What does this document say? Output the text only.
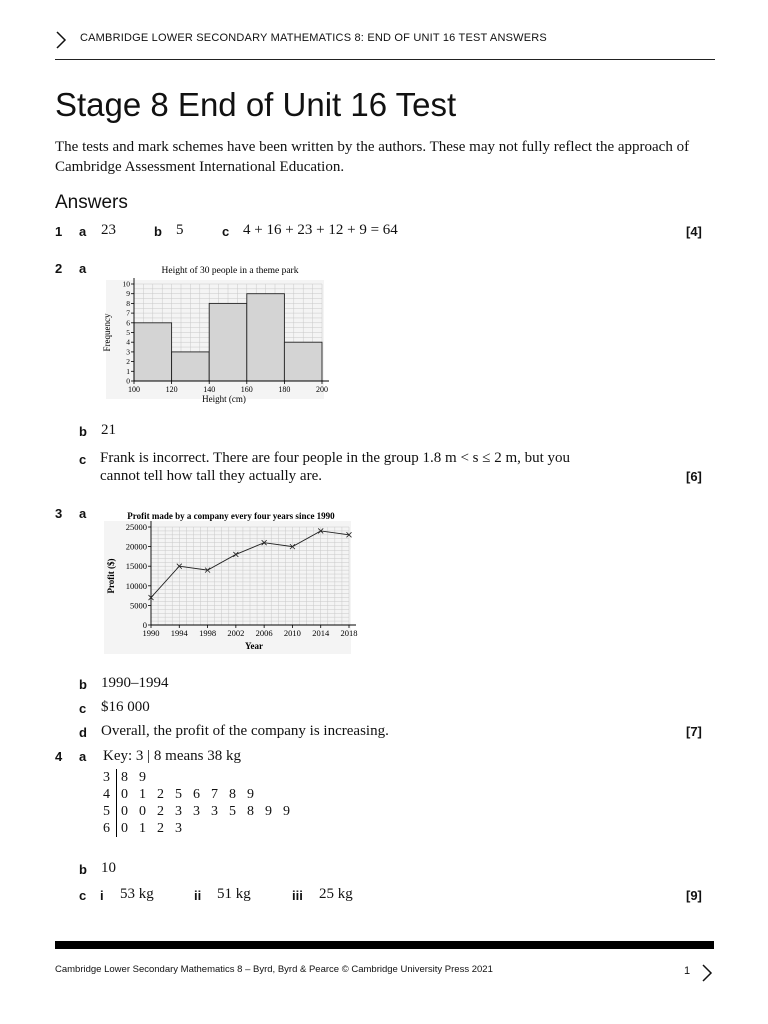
CAMBRIDGE LOWER SECONDARY MATHEMATICS 8: END OF UNIT 16 TEST ANSWERS
Stage 8 End of Unit 16 Test
The tests and mark schemes have been written by the authors. These may not fully reflect the approach of Cambridge Assessment International Education.
Answers
1 a 23	b 5	c 4 + 16 + 23 + 12 + 9 = 64	[4]
2 a
100	120	140	160	180	200
0
1
2
3
4
5
6
7
8
9
10
Height of 30 people in a theme park
Height (cm)
Frequency
b 21
c Frank is incorrect. There are four people in the group 1.8 m < s ≤ 2 m, but you
cannot tell how tall they actually are.	[6]
3 a
1990 1994 1998 2002 2006 2010 2014 2018
0
5000
10000
15000
20000
25000
Profit made by a company every four years since 1990
Year
Profit ($)
b 1990–1994
c $16 000
d Overall, the profit of the company is increasing.	[7]
4 a Key: 3 | 8 means 38 kg
3	8	9								
4	0	1	2	5	6	7	8	9		
5	0	0	2	3	3	3	5	8	9	9
6	0	1	2	3						
b 10
c i 53 kg	ii 51 kg	iii 25 kg	[9]
Cambridge Lower Secondary Mathematics 8 – Byrd, Byrd & Pearce © Cambridge University Press 2021	1
